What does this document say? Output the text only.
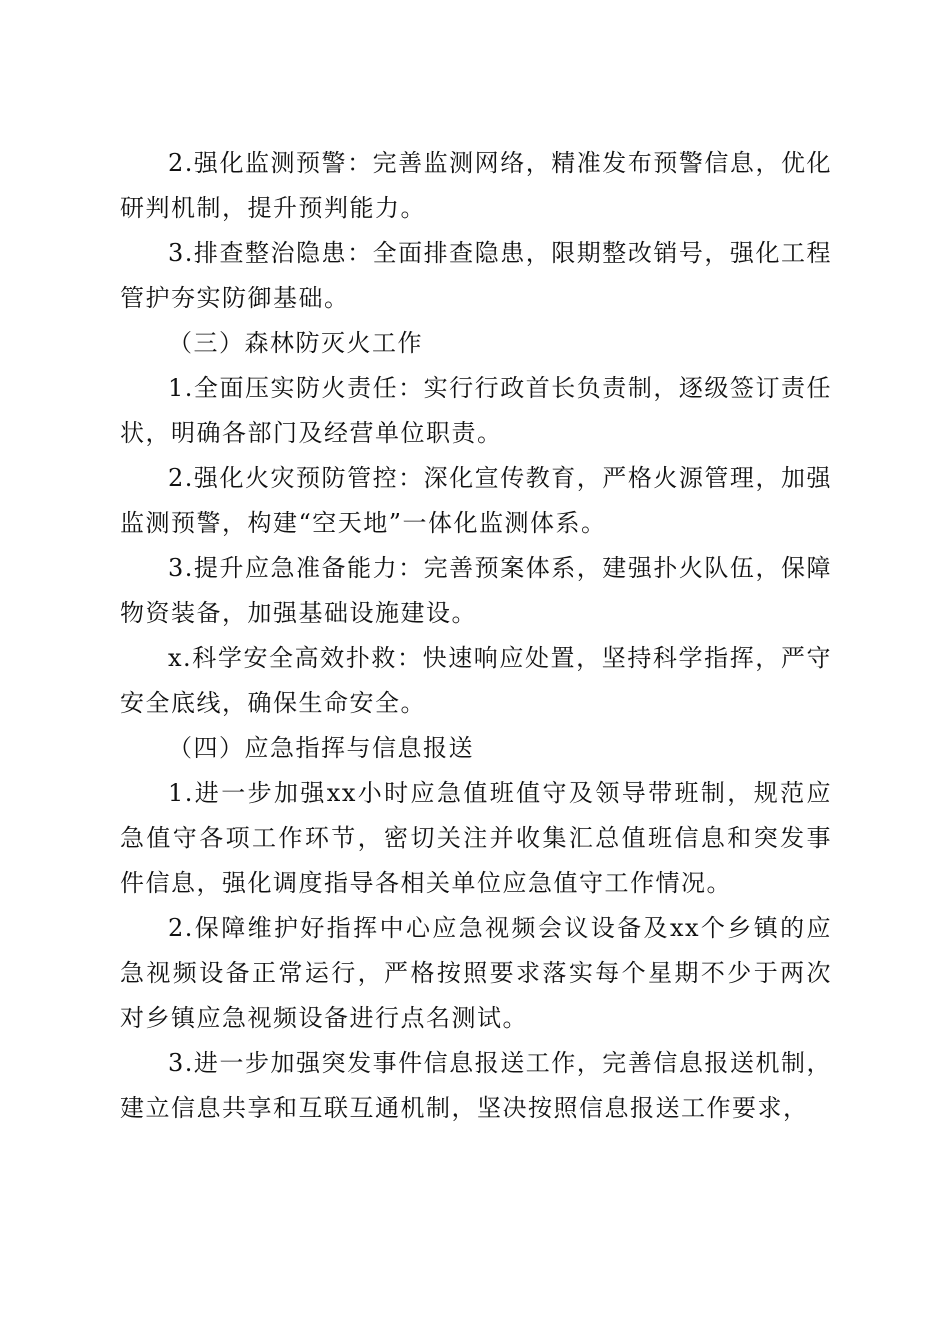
2.强化监测预警：完善监测网络，精准发布预警信息，优化研判机制，提升预判能力。

3.排查整治隐患：全面排查隐患，限期整改销号，强化工程管护夯实防御基础。

（三）森林防灭火工作

1.全面压实防火责任：实行行政首长负责制，逐级签订责任状，明确各部门及经营单位职责。

2.强化火灾预防管控：深化宣传教育，严格火源管理，加强监测预警，构建“空天地”一体化监测体系。

3.提升应急准备能力：完善预案体系，建强扑火队伍，保障物资装备，加强基础设施建设。

x.科学安全高效扑救：快速响应处置，坚持科学指挥，严守安全底线，确保生命安全。

（四）应急指挥与信息报送

1.进一步加强xx小时应急值班值守及领导带班制，规范应急值守各项工作环节，密切关注并收集汇总值班信息和突发事件信息，强化调度指导各相关单位应急值守工作情况。

2.保障维护好指挥中心应急视频会议设备及xx个乡镇的应急视频设备正常运行，严格按照要求落实每个星期不少于两次对乡镇应急视频设备进行点名测试。

3.进一步加强突发事件信息报送工作，完善信息报送机制，建立信息共享和互联互通机制，坚决按照信息报送工作要求，
